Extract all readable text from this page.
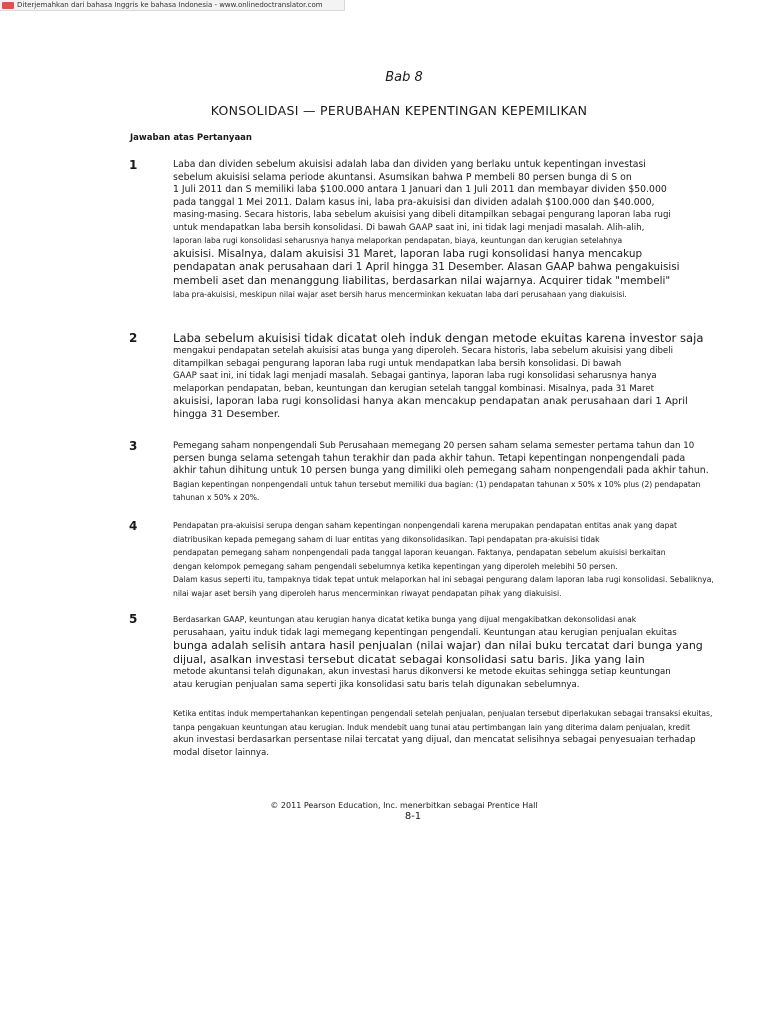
Diterjemahkan dari bahasa Inggris ke bahasa Indonesia - www.onlinedoctranslator.com
Bab 8
KONSOLIDASI — PERUBAHAN KEPENTINGAN KEPEMILIKAN
Jawaban atas Pertanyaan
1	Laba dan dividen sebelum akuisisi adalah laba dan dividen yang berlaku untuk kepentingan investasi

sebelum akuisisi selama periode akuntansi. Asumsikan bahwa P membeli 80 persen bunga di S on

1 Juli 2011 dan S memiliki laba $100.000 antara 1 Januari dan 1 Juli 2011 dan membayar dividen $50.000

pada tanggal 1 Mei 2011. Dalam kasus ini, laba pra-akuisisi dan dividen adalah $100.000 dan $40.000,

masing-masing. Secara historis, laba sebelum akuisisi yang dibeli ditampilkan sebagai pengurang laporan laba rugi

untuk mendapatkan laba bersih konsolidasi. Di bawah GAAP saat ini, ini tidak lagi menjadi masalah. Alih-alih,

laporan laba rugi konsolidasi seharusnya hanya melaporkan pendapatan, biaya, keuntungan dan kerugian setelahnya

akuisisi. Misalnya, dalam akuisisi 31 Maret, laporan laba rugi konsolidasi hanya mencakup

pendapatan anak perusahaan dari 1 April hingga 31 Desember. Alasan GAAP bahwa pengakuisisi

membeli aset dan menanggung liabilitas, berdasarkan nilai wajarnya. Acquirer tidak "membeli"

laba pra-akuisisi, meskipun nilai wajar aset bersih harus mencerminkan kekuatan laba dari perusahaan yang diakuisisi.

2	Laba sebelum akuisisi tidak dicatat oleh induk dengan metode ekuitas karena investor saja

mengakui pendapatan setelah akuisisi atas bunga yang diperoleh. Secara historis, laba sebelum akuisisi yang dibeli

ditampilkan sebagai pengurang laporan laba rugi untuk mendapatkan laba bersih konsolidasi. Di bawah

GAAP saat ini, ini tidak lagi menjadi masalah. Sebagai gantinya, laporan laba rugi konsolidasi seharusnya hanya

melaporkan pendapatan, beban, keuntungan dan kerugian setelah tanggal kombinasi. Misalnya, pada 31 Maret

akuisisi, laporan laba rugi konsolidasi hanya akan mencakup pendapatan anak perusahaan dari 1 April

hingga 31 Desember.

3	Pemegang saham nonpengendali Sub Perusahaan memegang 20 persen saham selama semester pertama tahun dan 10

persen bunga selama setengah tahun terakhir dan pada akhir tahun. Tetapi kepentingan nonpengendali pada

akhir tahun dihitung untuk 10 persen bunga yang dimiliki oleh pemegang saham nonpengendali pada akhir tahun.

Bagian kepentingan nonpengendali untuk tahun tersebut memiliki dua bagian: (1) pendapatan tahunan x 50% x 10% plus (2) pendapatan

tahunan x 50% x 20%.

4	Pendapatan pra-akuisisi serupa dengan saham kepentingan nonpengendali karena merupakan pendapatan entitas anak yang dapat

diatribusikan kepada pemegang saham di luar entitas yang dikonsolidasikan. Tapi pendapatan pra-akuisisi tidak

pendapatan pemegang saham nonpengendali pada tanggal laporan keuangan. Faktanya, pendapatan sebelum akuisisi berkaitan

dengan kelompok pemegang saham pengendali sebelumnya ketika kepentingan yang diperoleh melebihi 50 persen.

Dalam kasus seperti itu, tampaknya tidak tepat untuk melaporkan hal ini sebagai pengurang dalam laporan laba rugi konsolidasi. Sebaliknya,

nilai wajar aset bersih yang diperoleh harus mencerminkan riwayat pendapatan pihak yang diakuisisi.

5	Berdasarkan GAAP, keuntungan atau kerugian hanya dicatat ketika bunga yang dijual mengakibatkan dekonsolidasi anak

perusahaan, yaitu induk tidak lagi memegang kepentingan pengendali. Keuntungan atau kerugian penjualan ekuitas

bunga adalah selisih antara hasil penjualan (nilai wajar) dan nilai buku tercatat dari bunga yang

dijual, asalkan investasi tersebut dicatat sebagai konsolidasi satu baris. Jika yang lain

metode akuntansi telah digunakan, akun investasi harus dikonversi ke metode ekuitas sehingga setiap keuntungan

atau kerugian penjualan sama seperti jika konsolidasi satu baris telah digunakan sebelumnya.

Ketika entitas induk mempertahankan kepentingan pengendali setelah penjualan, penjualan tersebut diperlakukan sebagai transaksi ekuitas,

tanpa pengakuan keuntungan atau kerugian. Induk mendebit uang tunai atau pertimbangan lain yang diterima dalam penjualan, kredit

akun investasi berdasarkan persentase nilai tercatat yang dijual, dan mencatat selisihnya sebagai penyesuaian terhadap

modal disetor lainnya.

© 2011 Pearson Education, Inc. menerbitkan sebagai Prentice Hall
8-1
